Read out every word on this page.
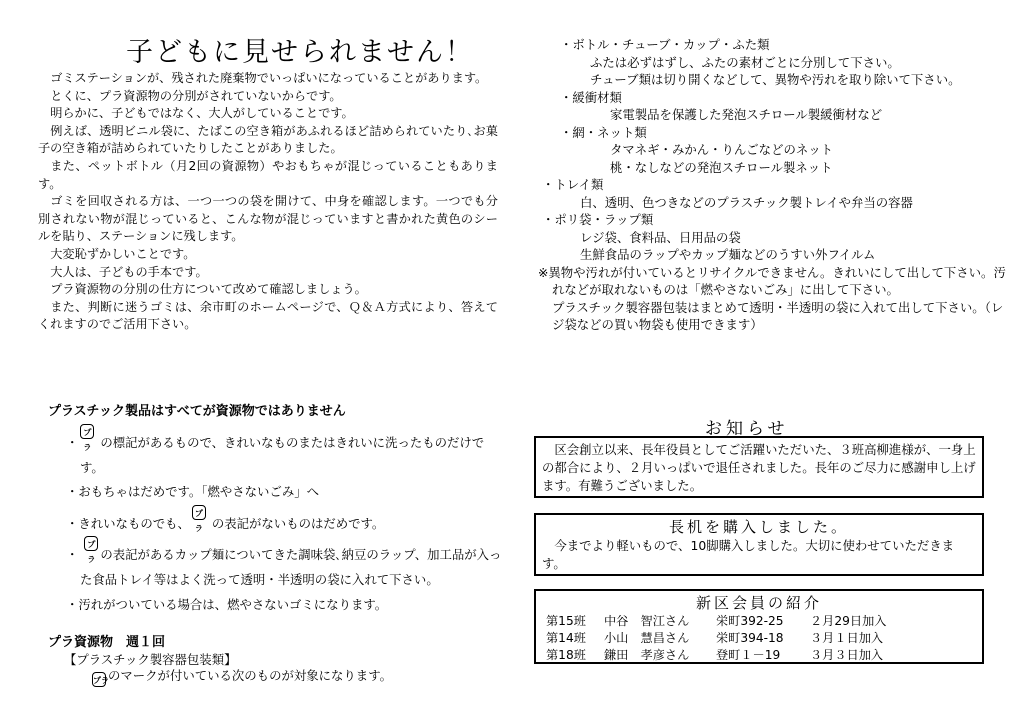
子どもに見せられません！

ゴミステーションが、残された廃棄物でいっぱいになっていることがあります。

とくに、プラ資源物の分別がされていないからです。

明らかに、子どもではなく、大人がしていることです。

例えば、透明ビニル袋に、たばこの空き箱があふれるほど詰められていたり､お菓子の空き箱が詰められていたりしたことがありました。

また、ペットボトル（月2回の資源物）やおもちゃが混じっていることもあります。

ゴミを回収される方は、一つ一つの袋を開けて、中身を確認します。一つでも分別されない物が混じっていると、こんな物が混じっていますと書かれた黄色のシールを貼り、ステーションに残します。

大変恥ずかしいことです。

大人は、子どもの手本です。

プラ資源物の分別の仕方について改めて確認しましょう。

また、判断に迷うゴミは、余市町のホームページで、Ｑ＆Ａ方式により、答えてくれますのでご活用下さい。

プラスチック製品はすべてが資源物ではありません
・プラ の標記があるもので、きれいなものまたはきれいに洗ったものだけです。
・おもちゃはだめです。「燃やさないごみ」へ
・きれいなものでも、プラ の表記がないものはだめです。
・ プラ の表記があるカップ麺についてきた調味袋､納豆のラップ、加工品が入った食品トレイ等はよく洗って透明・半透明の袋に入れて下さい。
・汚れがついている場合は、燃やさないゴミになります。
プラ資源物　週１回
【プラスチック製容器包装類】
プラのマークが付いている次のものが対象になります。
・ボトル・チューブ・カップ・ふた類
ふたは必ずはずし、ふたの素材ごとに分別して下さい。
チューブ類は切り開くなどして、異物や汚れを取り除いて下さい。
・緩衝材類
家電製品を保護した発泡スチロール製緩衝材など
・網・ネット類
タマネギ・みかん・りんごなどのネット
桃・なしなどの発泡スチロール製ネット
・トレイ類
白、透明、色つきなどのプラスチック製トレイや弁当の容器
・ポリ袋・ラップ類
レジ袋、食料品、日用品の袋
生鮮食品のラップやカップ麺などのうすい外フイルム
※異物や汚れが付いているとリサイクルできません。きれいにして出して下さい。汚れなどが取れないものは「燃やさないごみ」に出して下さい。
プラスチック製容器包装はまとめて透明・半透明の袋に入れて出して下さい。（レジ袋などの買い物袋も使用できます）
お知らせ

区会創立以来、長年役員としてご活躍いただいた、３班高柳進様が、一身上の都合により、２月いっぱいで退任されました。長年のご尽力に感謝申し上げます。有難うございました。

長机を購入しました。

今までより軽いもので、10脚購入しました。大切に使わせていただきます。

新区会員の紹介
第15班 中谷　智江さん 栄町392-25 ２月29日加入
第14班 小山　慧昌さん 栄町394-18 ３月１日加入
第18班 鎌田　孝彦さん 登町１－19 ３月３日加入
